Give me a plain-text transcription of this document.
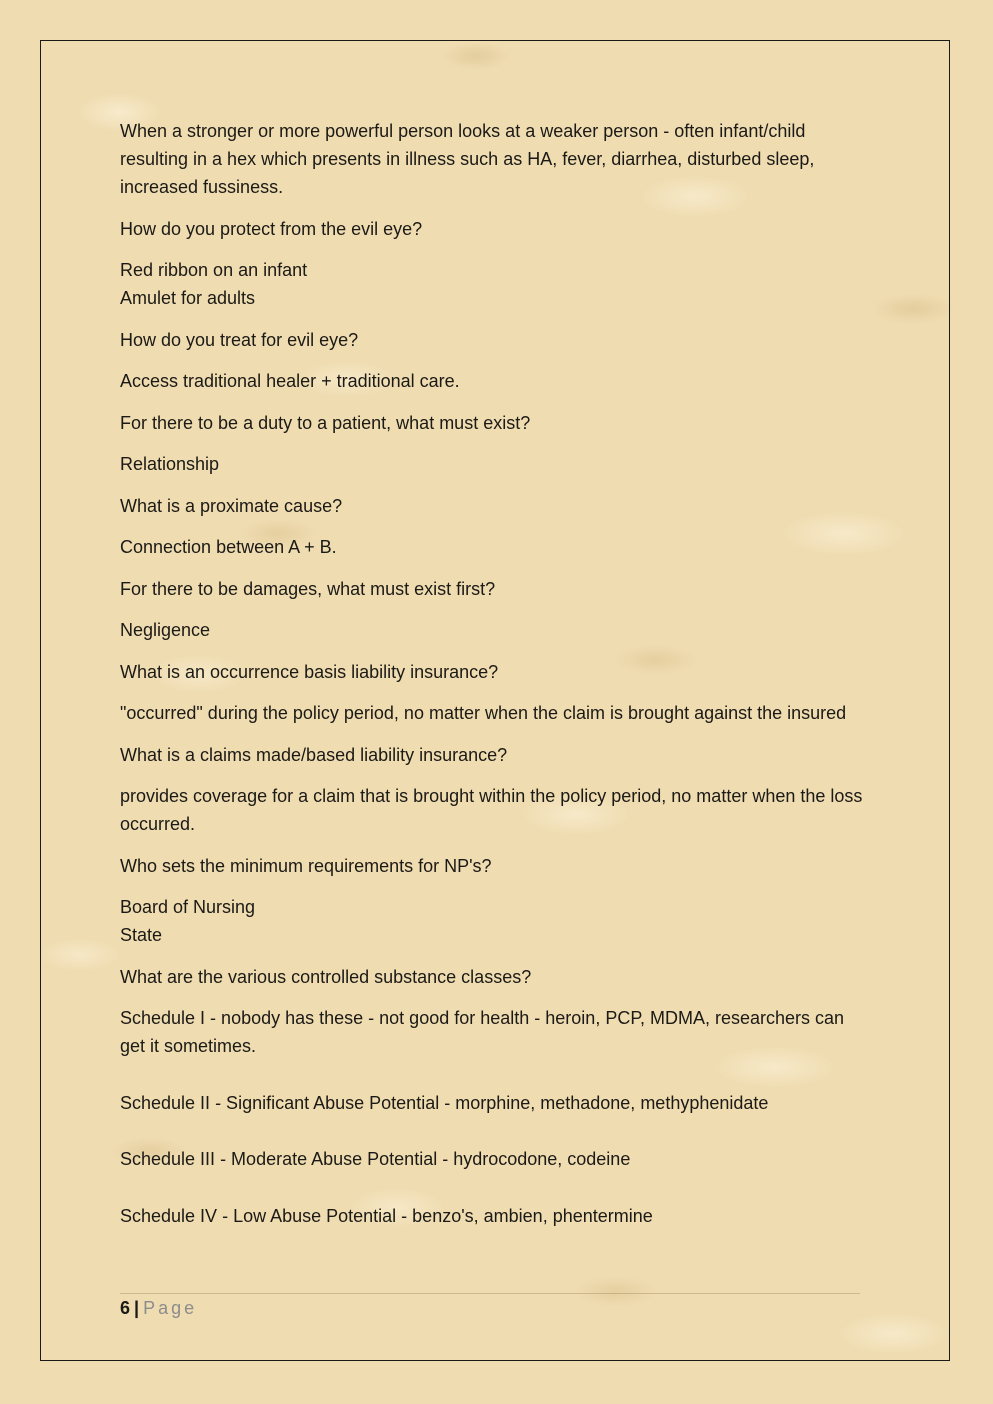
When a stronger or more powerful person looks at a weaker person - often infant/child resulting in a hex which presents in illness such as HA, fever, diarrhea, disturbed sleep, increased fussiness.

How do you protect from the evil eye?

Red ribbon on an infant
Amulet for adults

How do you treat for evil eye?

Access traditional healer + traditional care.

For there to be a duty to a patient, what must exist?

Relationship

What is a proximate cause?

Connection between A + B.

For there to be damages, what must exist first?

Negligence

What is an occurrence basis liability insurance?

"occurred" during the policy period, no matter when the claim is brought against the insured

What is a claims made/based liability insurance?

provides coverage for a claim that is brought within the policy period, no matter when the loss occurred.

Who sets the minimum requirements for NP's?

Board of Nursing
State

What are the various controlled substance classes?

Schedule I - nobody has these - not good for health - heroin, PCP, MDMA, researchers can get it sometimes.

Schedule II - Significant Abuse Potential - morphine, methadone, methyphenidate

Schedule III - Moderate Abuse Potential - hydrocodone, codeine

Schedule IV - Low Abuse Potential - benzo's, ambien, phentermine

6 | Page
